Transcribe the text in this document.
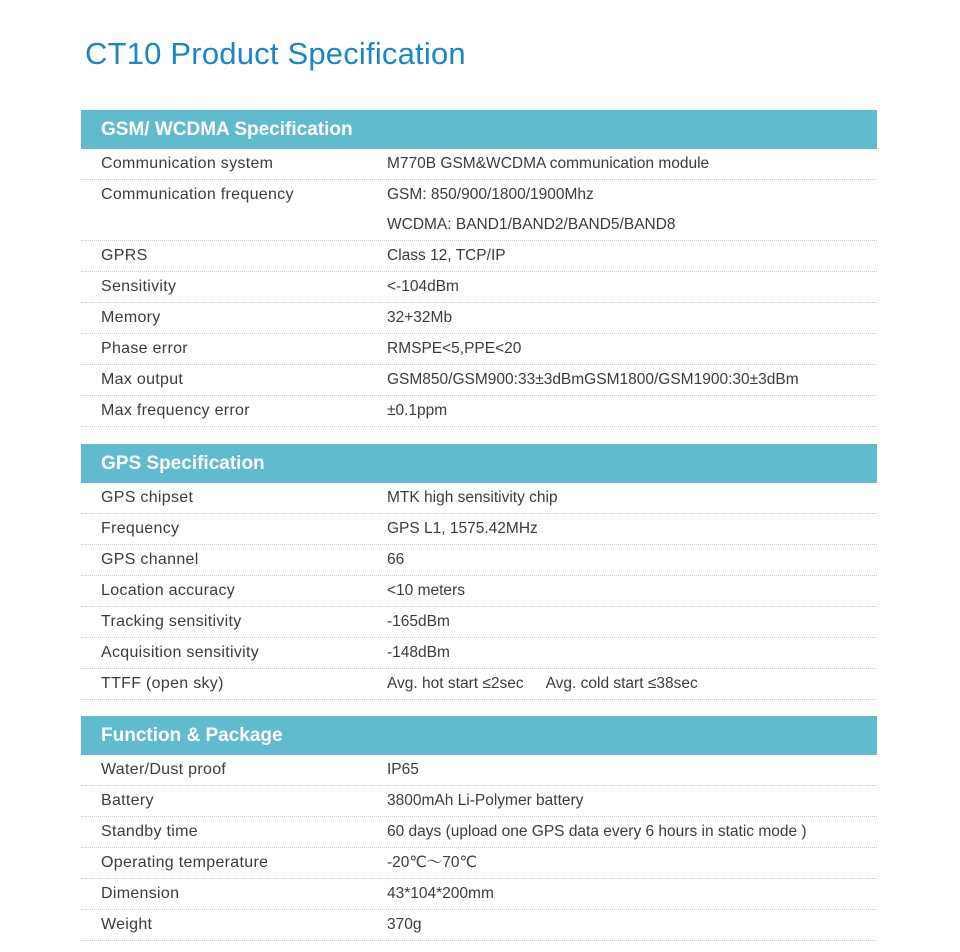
CT10 Product Specification
GSM/ WCDMA Specification
Communication system	M770B GSM&WCDMA communication module
Communication frequency	GSM: 850/900/1800/1900Mhz
WCDMA: BAND1/BAND2/BAND5/BAND8
GPRS	Class 12, TCP/IP
Sensitivity	<-104dBm
Memory	32+32Mb
Phase error	RMSPE<5,PPE<20
Max output	GSM850/GSM900:33±3dBmGSM1800/GSM1900:30±3dBm
Max frequency error	±0.1ppm
GPS Specification
GPS chipset	MTK high sensitivity chip
Frequency	GPS L1, 1575.42MHz
GPS channel	66
Location accuracy	<10 meters
Tracking sensitivity	-165dBm
Acquisition sensitivity	-148dBm
TTFF (open sky)	Avg. hot start ≤2sec Avg. cold start ≤38sec
Function & Package
Water/Dust proof	IP65
Battery	3800mAh Li-Polymer battery
Standby time	60 days (upload one GPS data every 6 hours in static mode )
Operating temperature	-20℃～70℃
Dimension	43*104*200mm
Weight	370g
